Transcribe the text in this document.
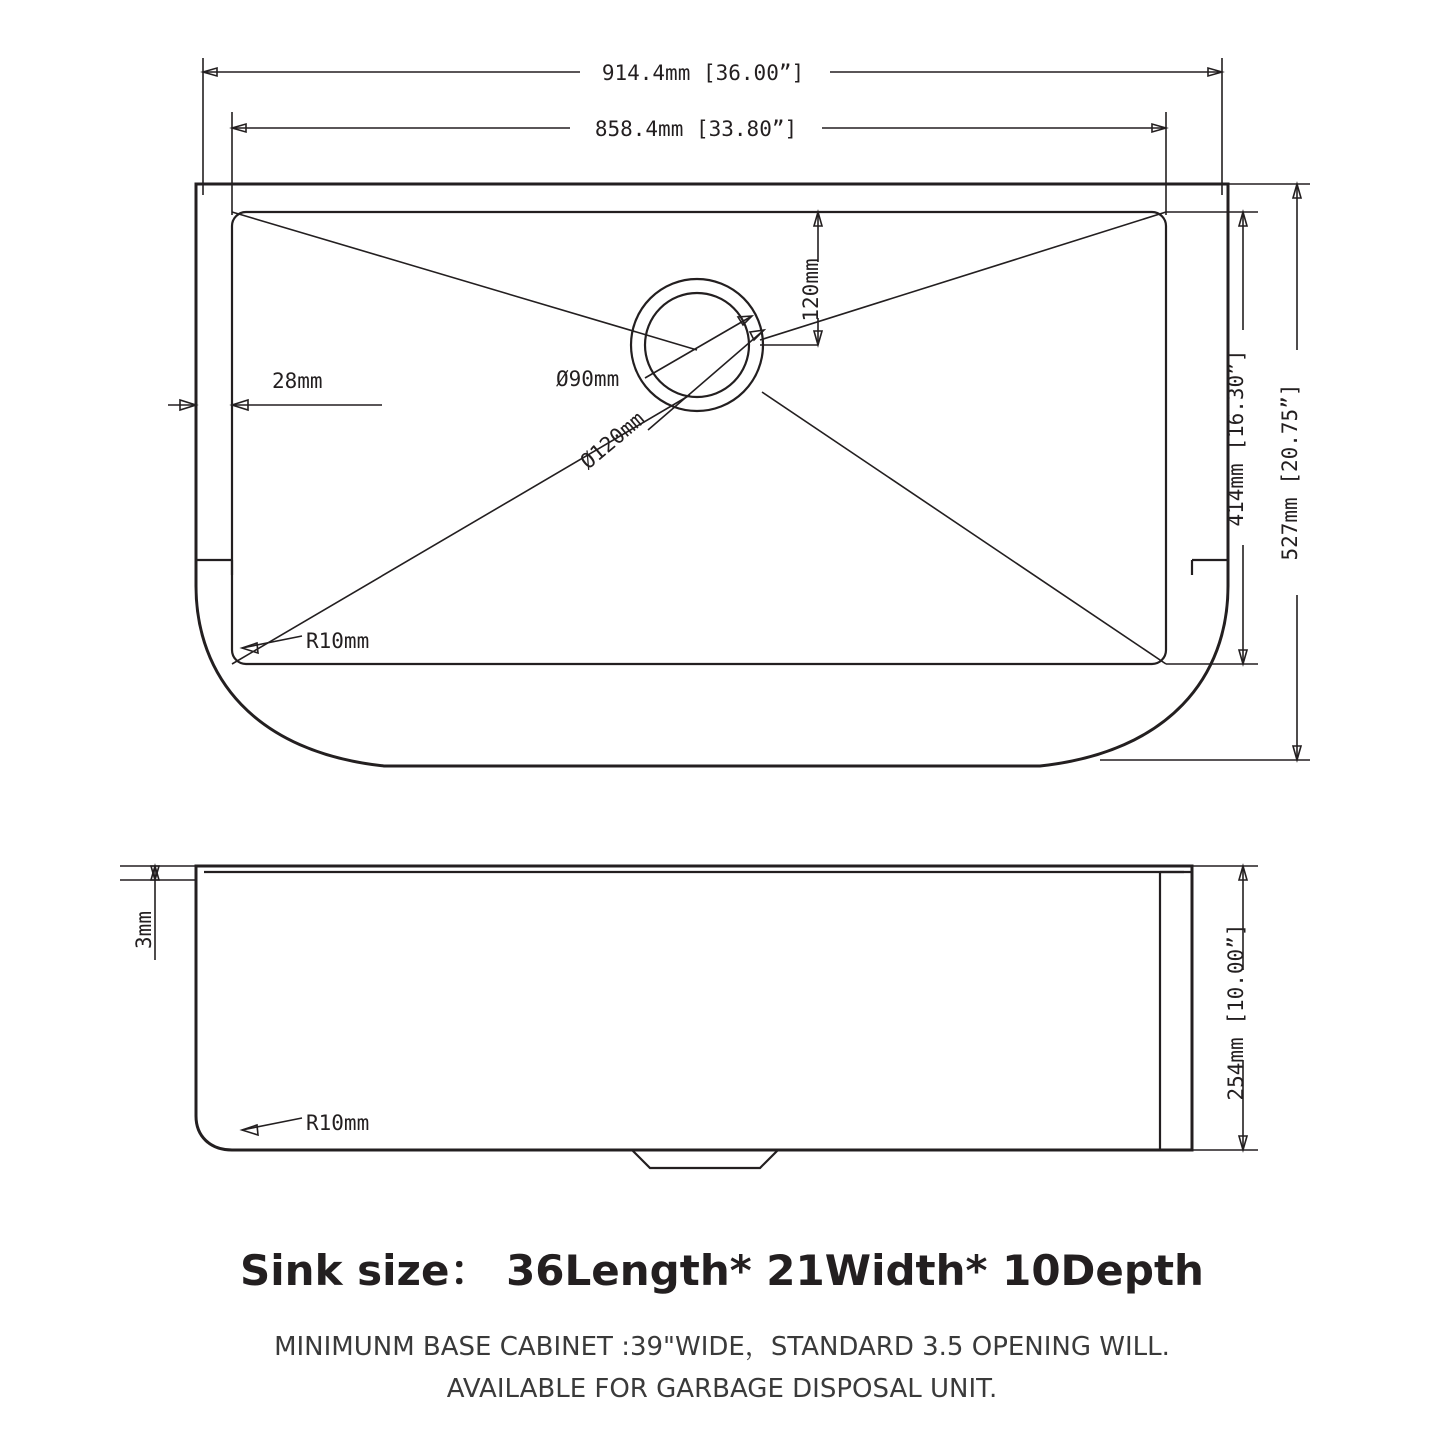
914.4mm [36.00”]
858.4mm [33.80”]
28mm
120mm
Ø90mm
Ø120mm
R10mm
414mm [16.30”] 527mm [20.75”]
3mm
R10mm
254mm [10.00”]
Sink size： 36Length* 21Width* 10Depth
MINIMUNM BASE CABINET :39"WIDE，STANDARD 3.5 OPENING WILL.
AVAILABLE FOR GARBAGE DISPOSAL UNIT.
